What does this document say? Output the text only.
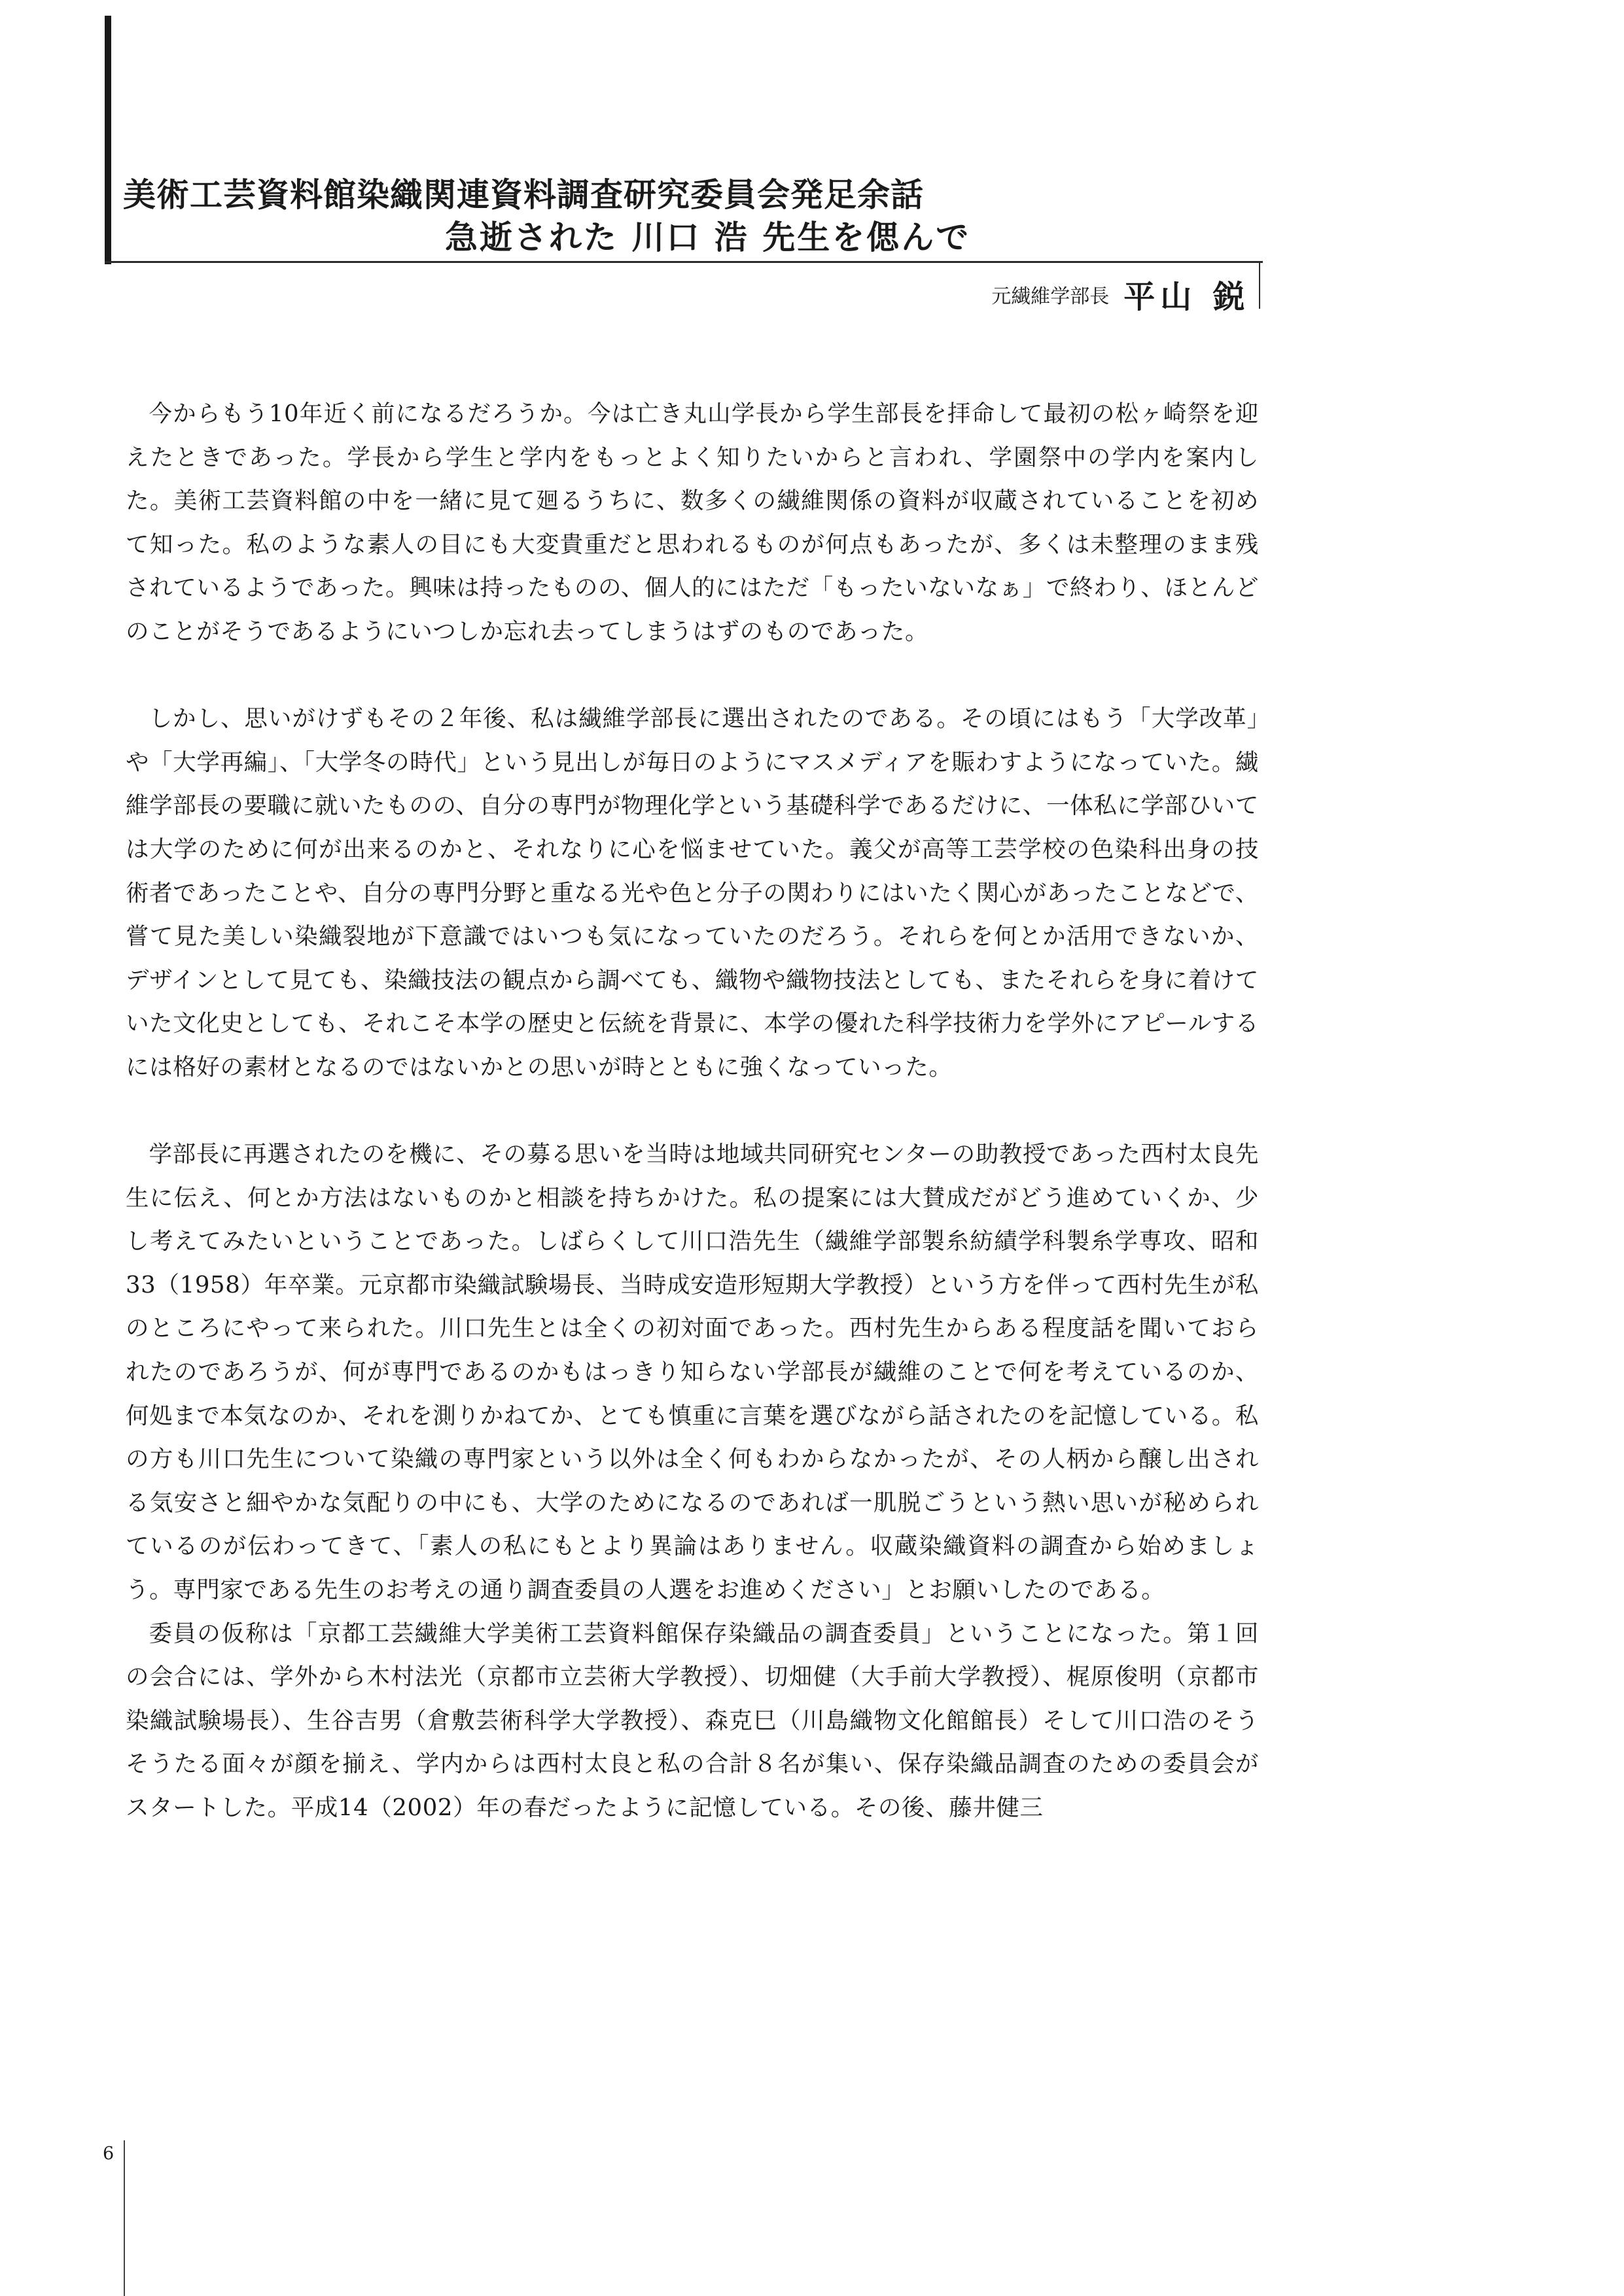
美術工芸資料館染織関連資料調査研究委員会発足余話
急逝された 川口 浩 先生を偲んで
元繊維学部長 平山 鋭

今からもう10年近く前になるだろうか。今は亡き丸山学長から学生部長を拝命して最初の松ヶ崎祭を迎えたときであった。学長から学生と学内をもっとよく知りたいからと言われ、学園祭中の学内を案内した。美術工芸資料館の中を一緒に見て廻るうちに、数多くの繊維関係の資料が収蔵されていることを初めて知った。私のような素人の目にも大変貴重だと思われるものが何点もあったが、多くは未整理のまま残されているようであった。興味は持ったものの、個人的にはただ「もったいないなぁ」で終わり、ほとんどのことがそうであるようにいつしか忘れ去ってしまうはずのものであった。

しかし、思いがけずもその２年後、私は繊維学部長に選出されたのである。その頃にはもう「大学改革」や「大学再編」、「大学冬の時代」という見出しが毎日のようにマスメディアを賑わすようになっていた。繊維学部長の要職に就いたものの、自分の専門が物理化学という基礎科学であるだけに、一体私に学部ひいては大学のために何が出来るのかと、それなりに心を悩ませていた。義父が高等工芸学校の色染科出身の技術者であったことや、自分の専門分野と重なる光や色と分子の関わりにはいたく関心があったことなどで、嘗て見た美しい染織裂地が下意識ではいつも気になっていたのだろう。それらを何とか活用できないか、デザインとして見ても、染織技法の観点から調べても、織物や織物技法としても、またそれらを身に着けていた文化史としても、それこそ本学の歴史と伝統を背景に、本学の優れた科学技術力を学外にアピールするには格好の素材となるのではないかとの思いが時とともに強くなっていった。

学部長に再選されたのを機に、その募る思いを当時は地域共同研究センターの助教授であった西村太良先生に伝え、何とか方法はないものかと相談を持ちかけた。私の提案には大賛成だがどう進めていくか、少し考えてみたいということであった。しばらくして川口浩先生（繊維学部製糸紡績学科製糸学専攻、昭和33（1958）年卒業。元京都市染織試験場長、当時成安造形短期大学教授）という方を伴って西村先生が私のところにやって来られた。川口先生とは全くの初対面であった。西村先生からある程度話を聞いておられたのであろうが、何が専門であるのかもはっきり知らない学部長が繊維のことで何を考えているのか、何処まで本気なのか、それを測りかねてか、とても慎重に言葉を選びながら話されたのを記憶している。私の方も川口先生について染織の専門家という以外は全く何もわからなかったが、その人柄から醸し出される気安さと細やかな気配りの中にも、大学のためになるのであれば一肌脱ごうという熱い思いが秘められているのが伝わってきて、「素人の私にもとより異論はありません。収蔵染織資料の調査から始めましょう。専門家である先生のお考えの通り調査委員の人選をお進めください」とお願いしたのである。

委員の仮称は「京都工芸繊維大学美術工芸資料館保存染織品の調査委員」ということになった。第１回の会合には、学外から木村法光（京都市立芸術大学教授）、切畑健（大手前大学教授）、梶原俊明（京都市染織試験場長）、生谷吉男（倉敷芸術科学大学教授）、森克巳（川島織物文化館館長）そして川口浩のそうそうたる面々が顔を揃え、学内からは西村太良と私の合計８名が集い、保存染織品調査のための委員会がスタートした。平成14（2002）年の春だったように記憶している。その後、藤井健三

6
